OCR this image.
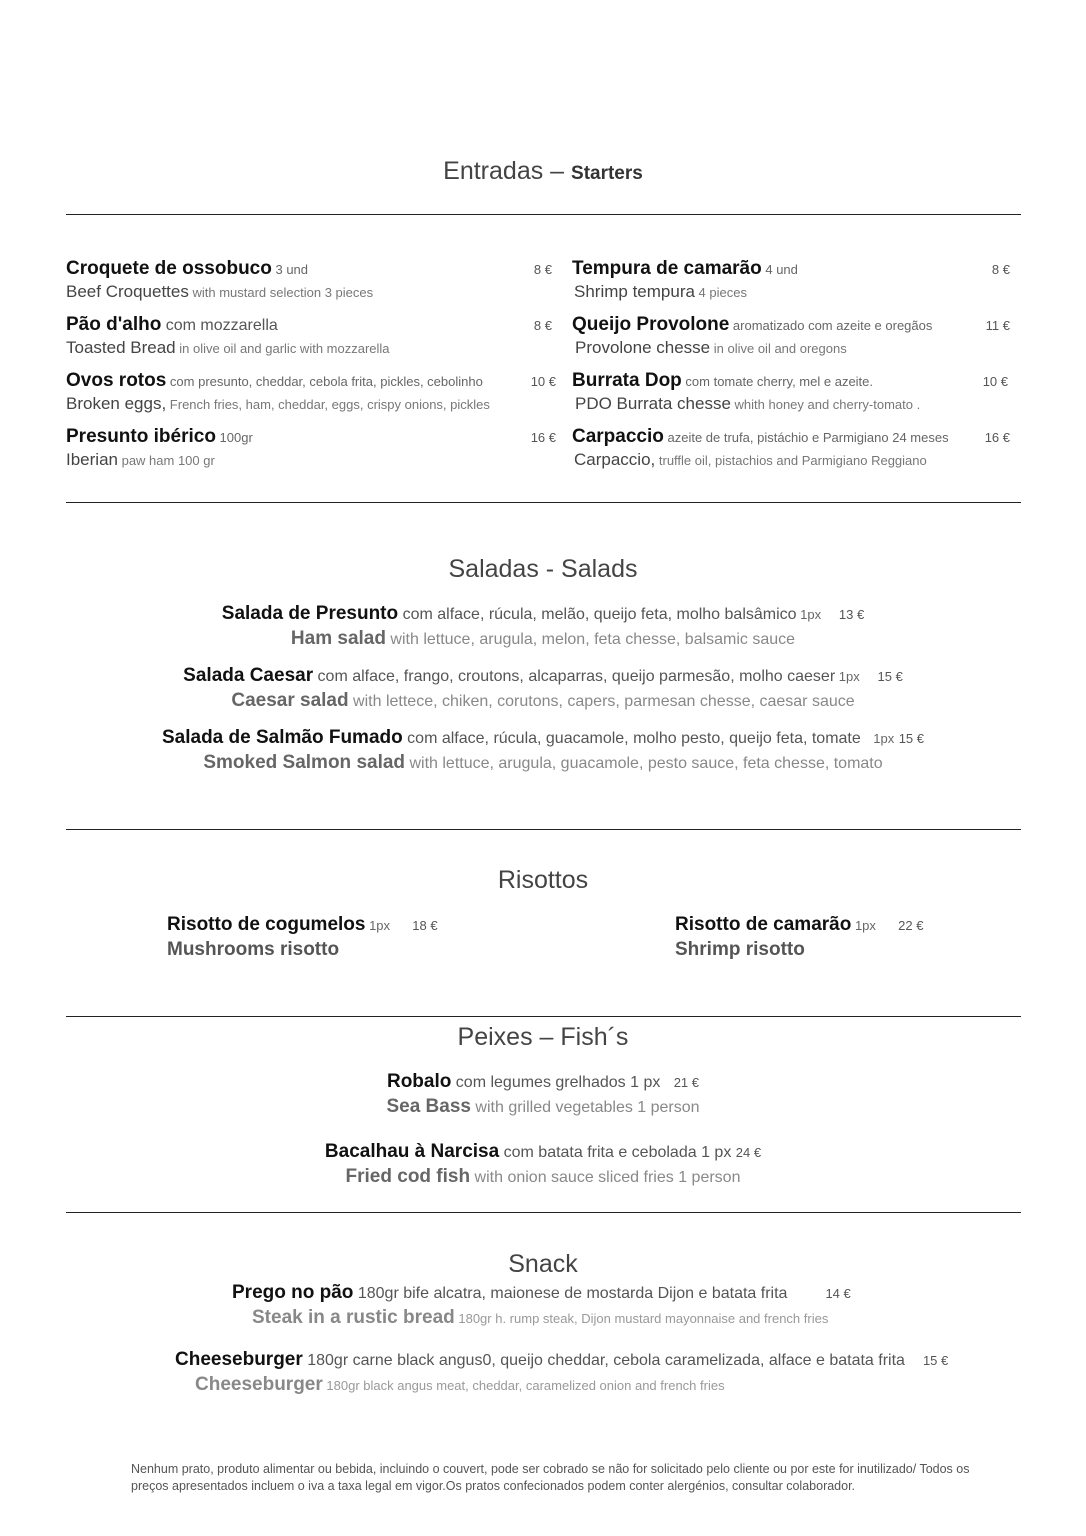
Entradas – Starters
Croquete de ossobuco 3 und
Beef Croquettes with mustard selection 3 pieces
8 €
Pão d'alho com mozzarella
Toasted Bread in olive oil and garlic with mozzarella
8 €
Ovos rotos com presunto, cheddar, cebola frita, pickles, cebolinho
Broken eggs, French fries, ham, cheddar, eggs, crispy onions, pickles
10 €
Presunto ibérico 100gr
Iberian paw ham 100 gr
16 €
Tempura de camarão 4 und
Shrimp tempura 4 pieces
8 €
Queijo Provolone aromatizado com azeite e oregãos
Provolone chesse in olive oil and oregons
11 €
Burrata Dop com tomate cherry, mel e azeite.
PDO Burrata chesse whith honey and cherry-tomato .
10 €
Carpaccio azeite de trufa, pistáchio e Parmigiano 24 meses
Carpaccio, truffle oil, pistachios and Parmigiano Reggiano
16 €
Saladas - Salads
Salada de Presunto com alface, rúcula, melão, queijo feta, molho balsâmico 1px 13 €
Ham salad with lettuce, arugula, melon, feta chesse, balsamic sauce
Salada Caesar com alface, frango, croutons, alcaparras, queijo parmesão, molho caeser 1px 15 €
Caesar salad with lettece, chiken, corutons, capers, parmesan chesse, caesar sauce
Salada de Salmão Fumado com alface, rúcula, guacamole, molho pesto, queijo feta, tomate   1px 15 €
Smoked Salmon salad with lettuce, arugula, guacamole, pesto sauce, feta chesse, tomato
Risottos
Risotto de cogumelos 1px 18 €
Mushrooms risotto
Risotto de camarão 1px 22 €
Shrimp risotto
Peixes – Fish´s
Robalo com legumes grelhados 1 px 21 €
Sea Bass with grilled vegetables 1 person
Bacalhau à Narcisa com batata frita e cebolada 1 px 24 €
Fried cod fish with onion sauce sliced fries 1 person
Snack
Prego no pão 180gr bife alcatra, maionese de mostarda Dijon e batata frita	14 €
Steak in a rustic bread 180gr h. rump steak, Dijon mustard mayonnaise and french fries
Cheeseburger 180gr carne black angus0, queijo cheddar, cebola caramelizada, alface e batata frita 15 €
Cheeseburger 180gr black angus meat, cheddar, caramelized onion and french fries
Nenhum prato, produto alimentar ou bebida, incluindo o couvert, pode ser cobrado se não for solicitado pelo cliente ou por este for inutilizado/ Todos os preços apresentados incluem o iva a taxa legal em vigor.Os pratos confecionados podem conter alergénios, consultar colaborador.
